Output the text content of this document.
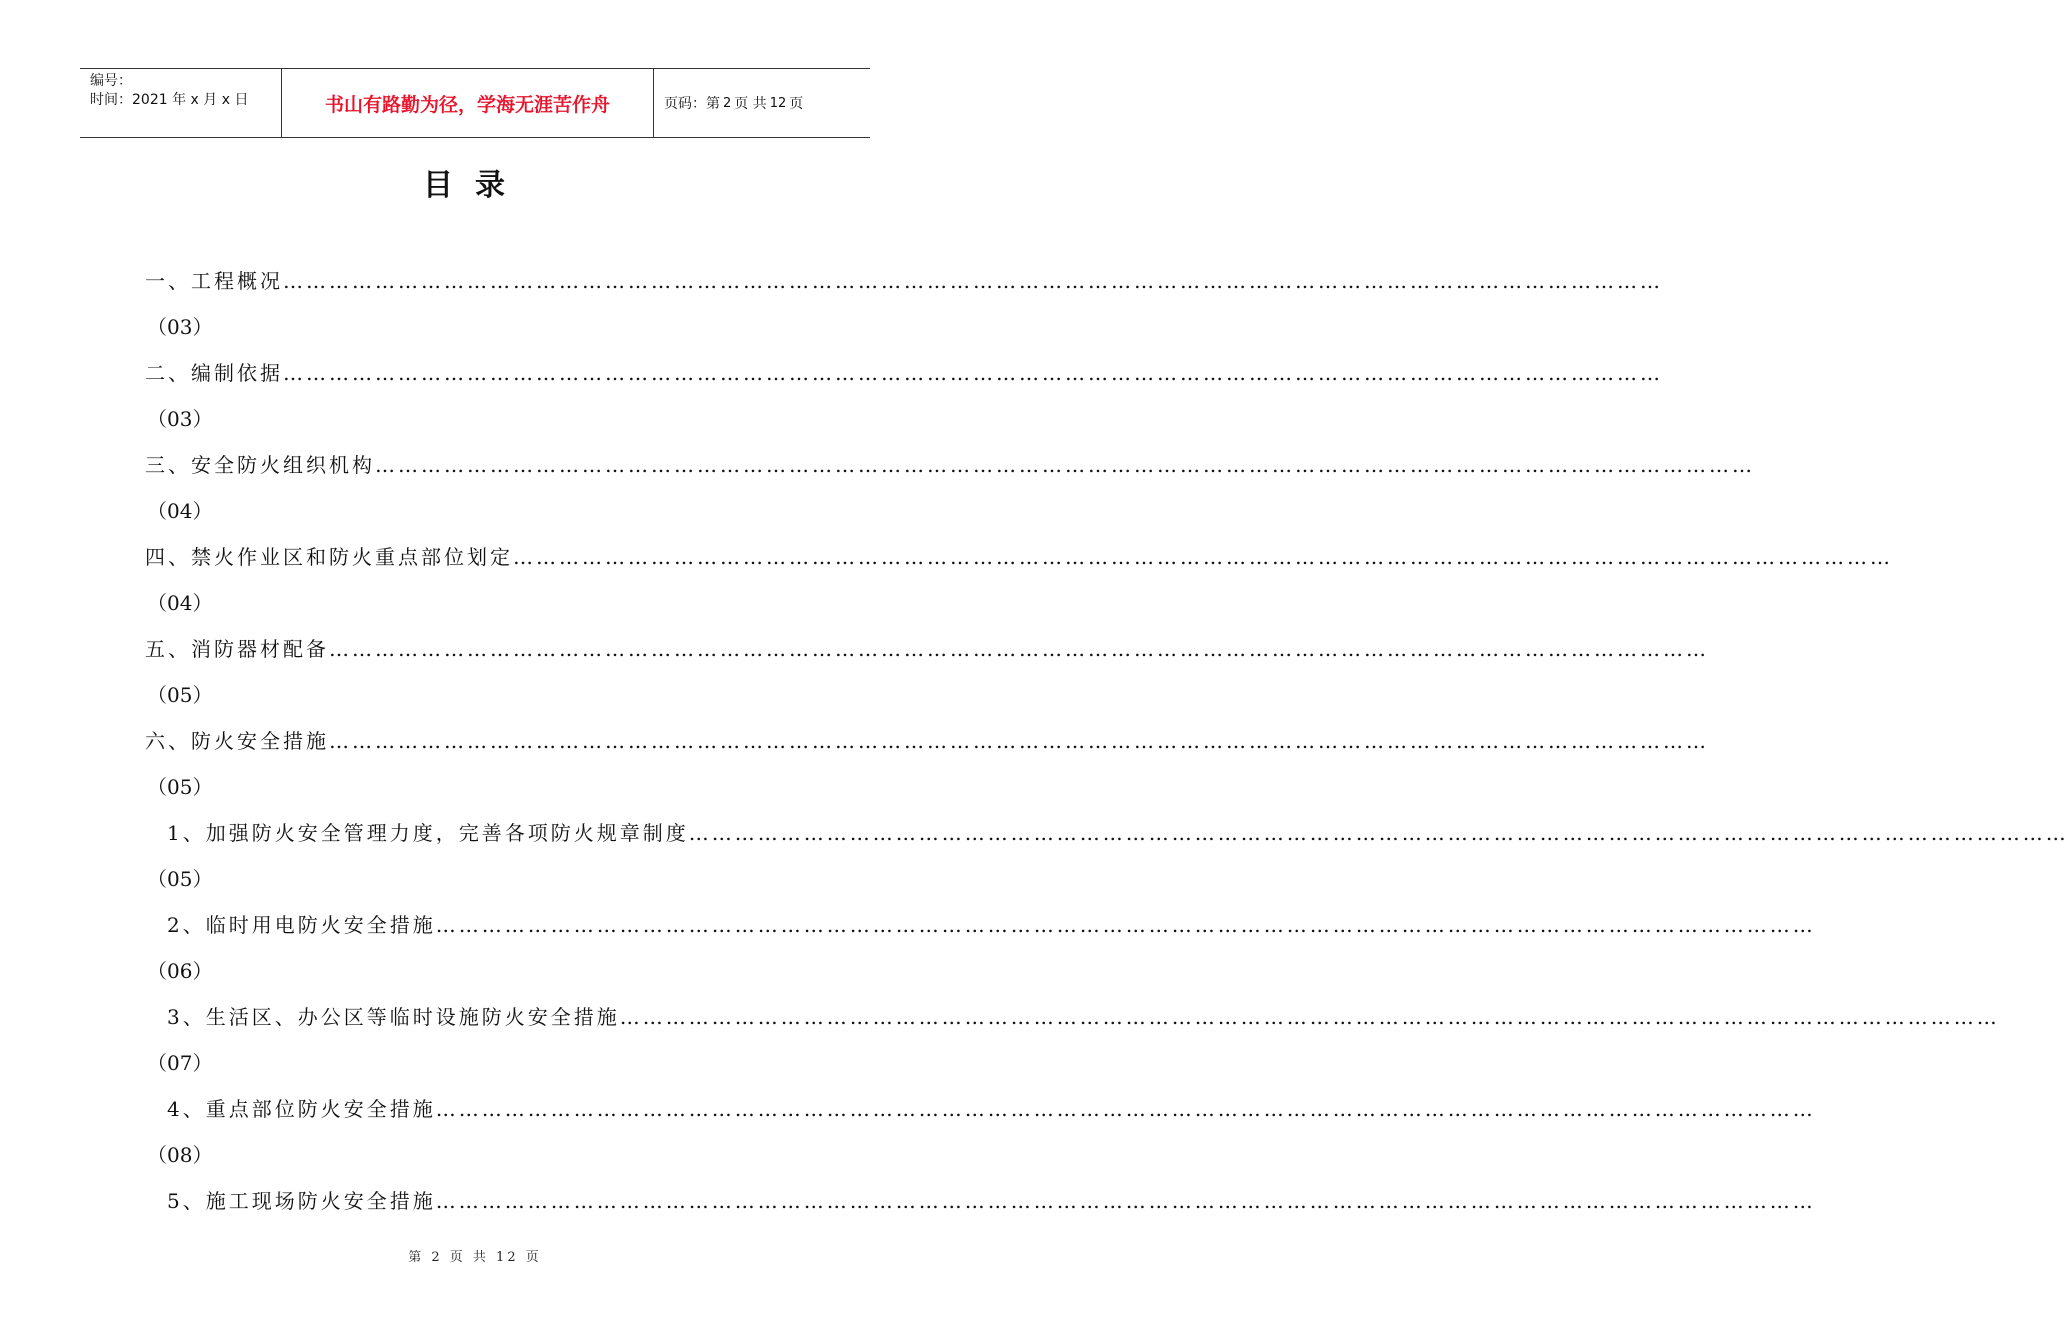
编号：
时间：2021 年 x 月 x 日	书山有路勤为径，学海无涯苦作舟	页码：第 2 页 共 12 页
目录
一、工程概况………………………………………………………………………………………………………………………………………………………………
（03）
二、编制依据………………………………………………………………………………………………………………………………………………………………
（03）
三、安全防火组织机构………………………………………………………………………………………………………………………………………………………………
（04）
四、禁火作业区和防火重点部位划定………………………………………………………………………………………………………………………………………………………………
（04）
五、消防器材配备………………………………………………………………………………………………………………………………………………………………
（05）
六、防火安全措施………………………………………………………………………………………………………………………………………………………………
（05）
1、加强防火安全管理力度，完善各项防火规章制度………………………………………………………………………………………………………………………………………………………………
（05）
2、临时用电防火安全措施………………………………………………………………………………………………………………………………………………………………
（06）
3、生活区、办公区等临时设施防火安全措施………………………………………………………………………………………………………………………………………………………………
（07）
4、重点部位防火安全措施………………………………………………………………………………………………………………………………………………………………
（08）
5、施工现场防火安全措施………………………………………………………………………………………………………………………………………………………………
第 2 页 共 12 页
